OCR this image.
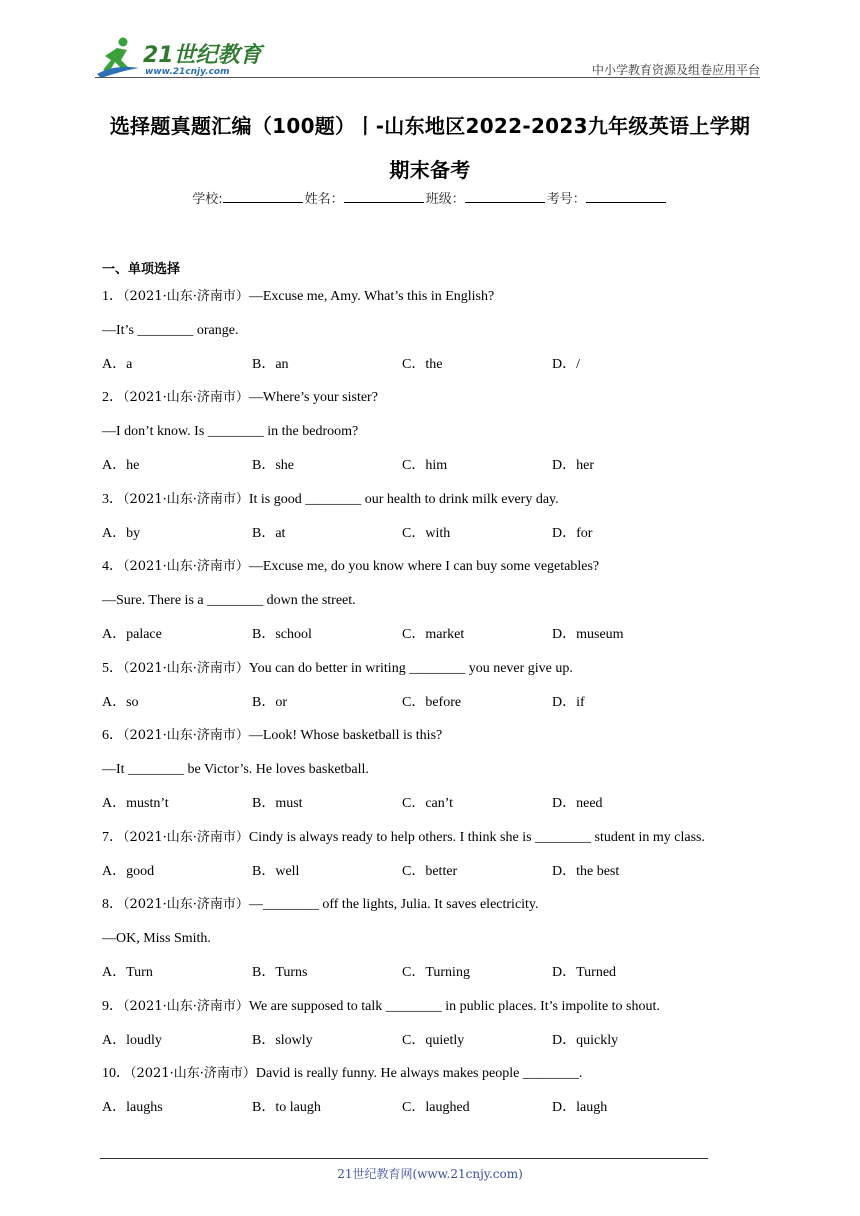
21世纪教育
www.21cnjy.com	中小学教育资源及组卷应用平台
选择题真题汇编（100题）丨-山东地区2022-2023九年级英语上学期
期末备考
学校:	姓名：	班级：	考号：
一、单项选择
1．（2021·山东·济南市）—Excuse me, Amy. What’s this in English?
—It’s ________ orange.
A．a	B．an	C．the	D．/
2．（2021·山东·济南市）—Where’s your sister?
—I don’t know. Is ________ in the bedroom?
A．he	B．she	C．him	D．her
3．（2021·山东·济南市）It is good ________ our health to drink milk every day.
A．by	B．at	C．with	D．for
4．（2021·山东·济南市）—Excuse me, do you know where I can buy some vegetables?
—Sure. There is a ________ down the street.
A．palace	B．school	C．market	D．museum
5．（2021·山东·济南市）You can do better in writing ________ you never give up.
A．so	B．or	C．before	D．if
6．（2021·山东·济南市）—Look! Whose basketball is this?
—It ________ be Victor’s. He loves basketball.
A．mustn’t	B．must	C．can’t	D．need
7．（2021·山东·济南市）Cindy is always ready to help others. I think she is ________ student in my class.
A．good	B．well	C．better	D．the best
8．（2021·山东·济南市）—________ off the lights, Julia. It saves electricity.
—OK, Miss Smith.
A．Turn	B．Turns	C．Turning	D．Turned
9．（2021·山东·济南市）We are supposed to talk ________ in public places. It’s impolite to shout.
A．loudly	B．slowly	C．quietly	D．quickly
10．（2021·山东·济南市）David is really funny. He always makes people ________.
A．laughs	B．to laugh	C．laughed	D．laugh
21世纪教育网(www.21cnjy.com)
